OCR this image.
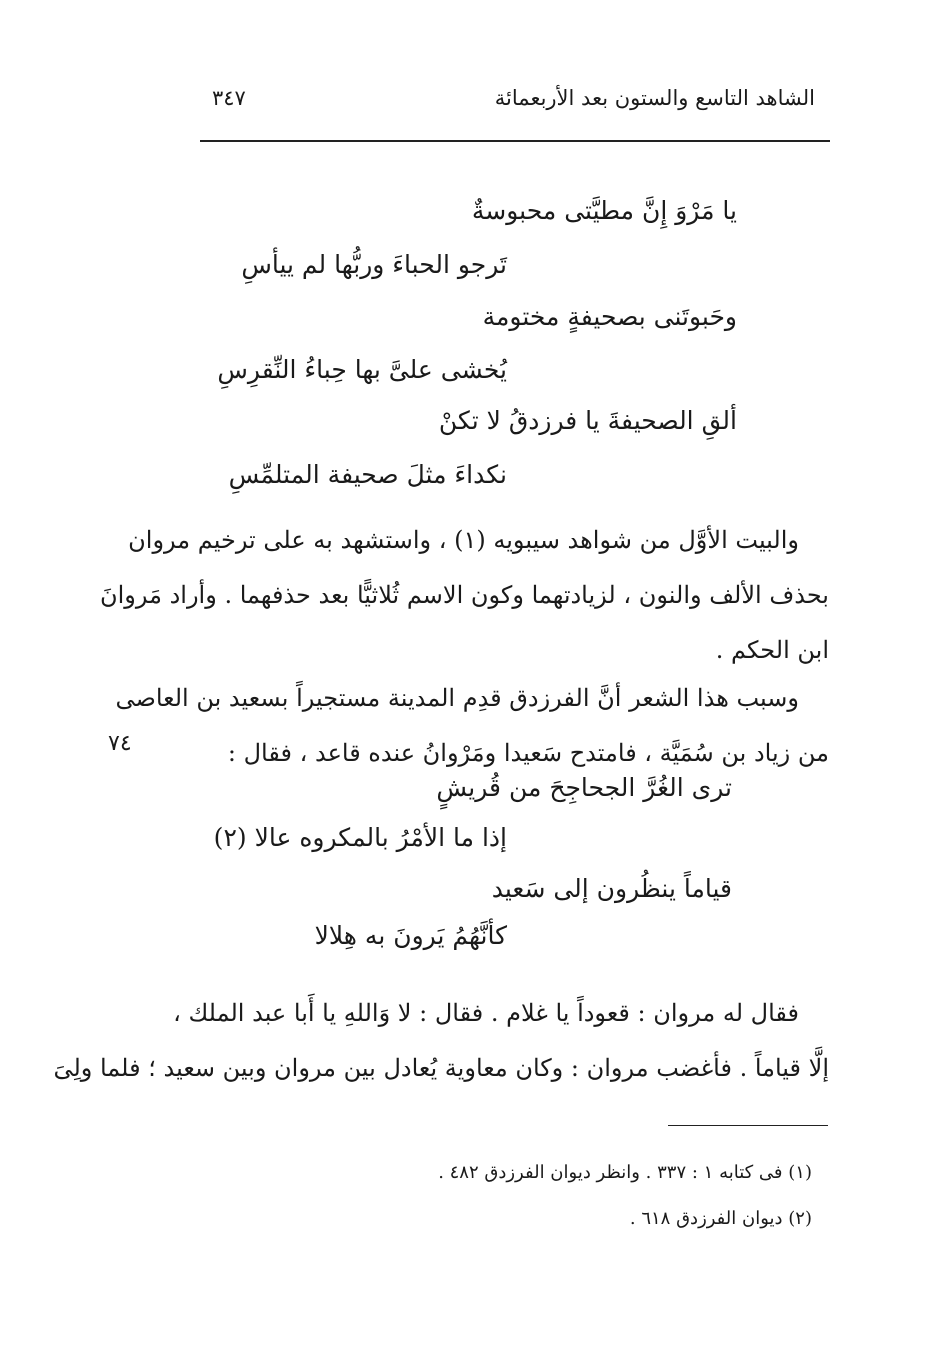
الشاهد التاسع والستون بعد الأربعمائة
٣٤٧
يا مَرْوَ إِنَّ مطيَّتى محبوسةٌ
تَرجو الحباءَ وربُّها لم ييأسِ
وحَبوتَنى بصحيفةٍ مختومة
يُخشى علىَّ بها حِباءُ النِّقرِسِ
ألقِ الصحيفةَ يا فرزدقُ لا تكنْ
نكداءَ مثلَ صحيفة المتلمِّسِ
والبيت الأوَّل من شواهد سيبويه (١) ، واستشهد به على ترخيم مروان
بحذف الألف والنون ، لزيادتهما وكون الاسم ثُلاثيًّا بعد حذفهما . وأراد مَروانَ
ابن الحكم .
وسبب هذا الشعر أنَّ الفرزدق قدِم المدينة مستجيراً بسعيد بن العاصى
من زياد بن سُمَيَّة ، فامتدح سَعيدا ومَرْوانُ عنده قاعد ، فقال :
٧٤
ترى الغُرَّ الجحاجِحَ من قُريشٍ
إذا ما الأمْرُ بالمكروه عالا (٢)
قياماً ينظُرون إلى سَعيد
كأنَّهُمُ يَرونَ به هِلالا
فقال له مروان : قعوداً يا غلام . فقال : لا وَاللهِ يا أَبا عبد الملك ،
إلَّا قياماً . فأغضب مروان : وكان معاوية يُعادل بين مروان وبين سعيد ؛ فلما ولِىَ
(١) فى كتابه ١ : ٣٣٧ . وانظر ديوان الفرزدق ٤٨٢ .
(٢) ديوان الفرزدق ٦١٨ .
